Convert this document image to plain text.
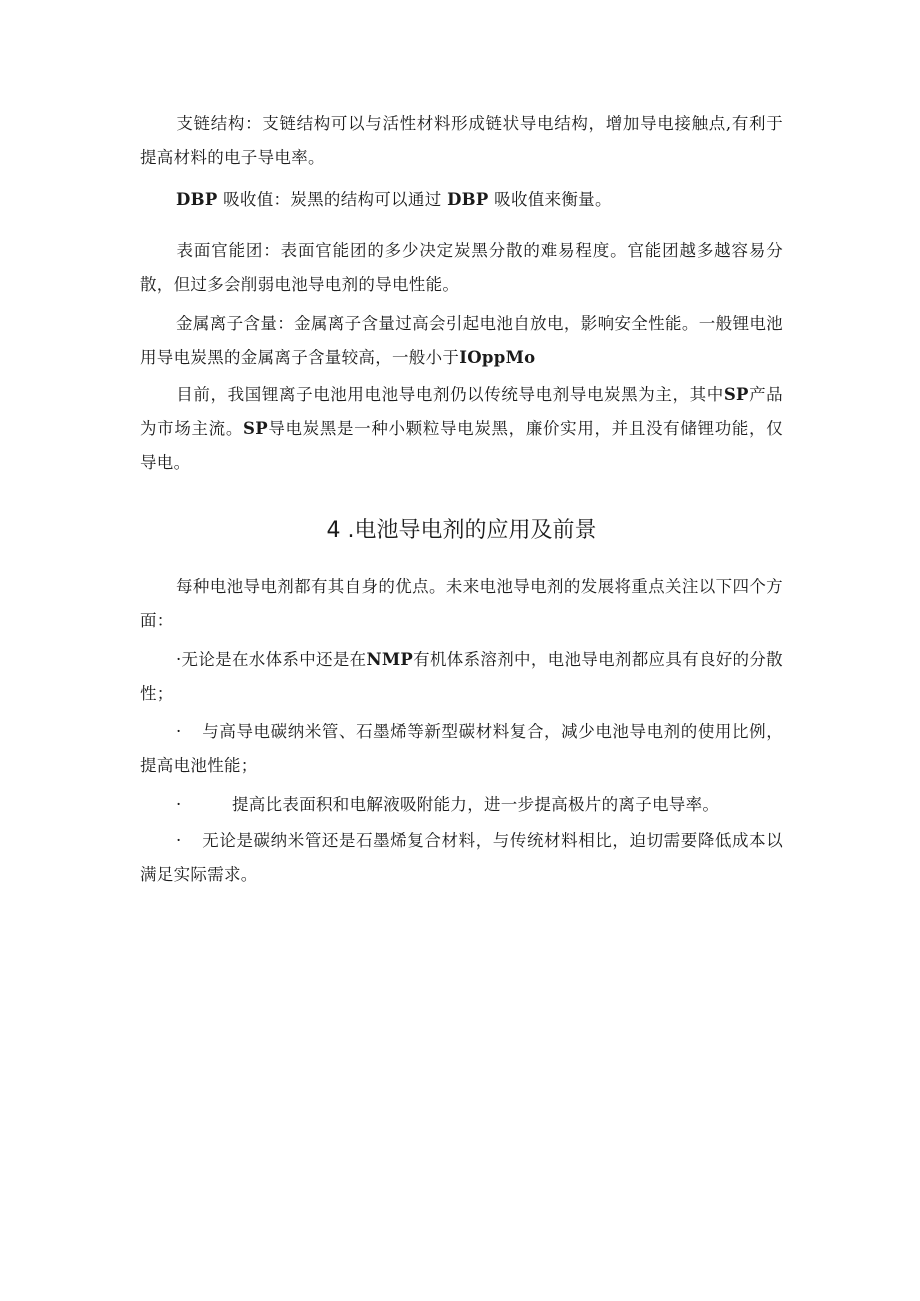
支链结构：支链结构可以与活性材料形成链状导电结构，增加导电接触点,有利于提高材料的电子导电率。
DBP 吸收值：炭黑的结构可以通过 DBP 吸收值来衡量。
表面官能团：表面官能团的多少决定炭黑分散的难易程度。官能团越多越容易分散，但过多会削弱电池导电剂的导电性能。
金属离子含量：金属离子含量过高会引起电池自放电，影响安全性能。一般锂电池用导电炭黑的金属离子含量较高，一般小于IOppMo
目前，我国锂离子电池用电池导电剂仍以传统导电剂导电炭黑为主，其中SP产品为市场主流。SP导电炭黑是一种小颗粒导电炭黑，廉价实用，并且没有储锂功能，仅导电。
4 .电池导电剂的应用及前景
每种电池导电剂都有其自身的优点。未来电池导电剂的发展将重点关注以下四个方面：
·无论是在水体系中还是在NMP有机体系溶剂中，电池导电剂都应具有良好的分散性；
· 与高导电碳纳米管、石墨烯等新型碳材料复合，减少电池导电剂的使用比例，提高电池性能；
·	提高比表面积和电解液吸附能力，进一步提高极片的离子电导率。
· 无论是碳纳米管还是石墨烯复合材料，与传统材料相比，迫切需要降低成本以满足实际需求。
